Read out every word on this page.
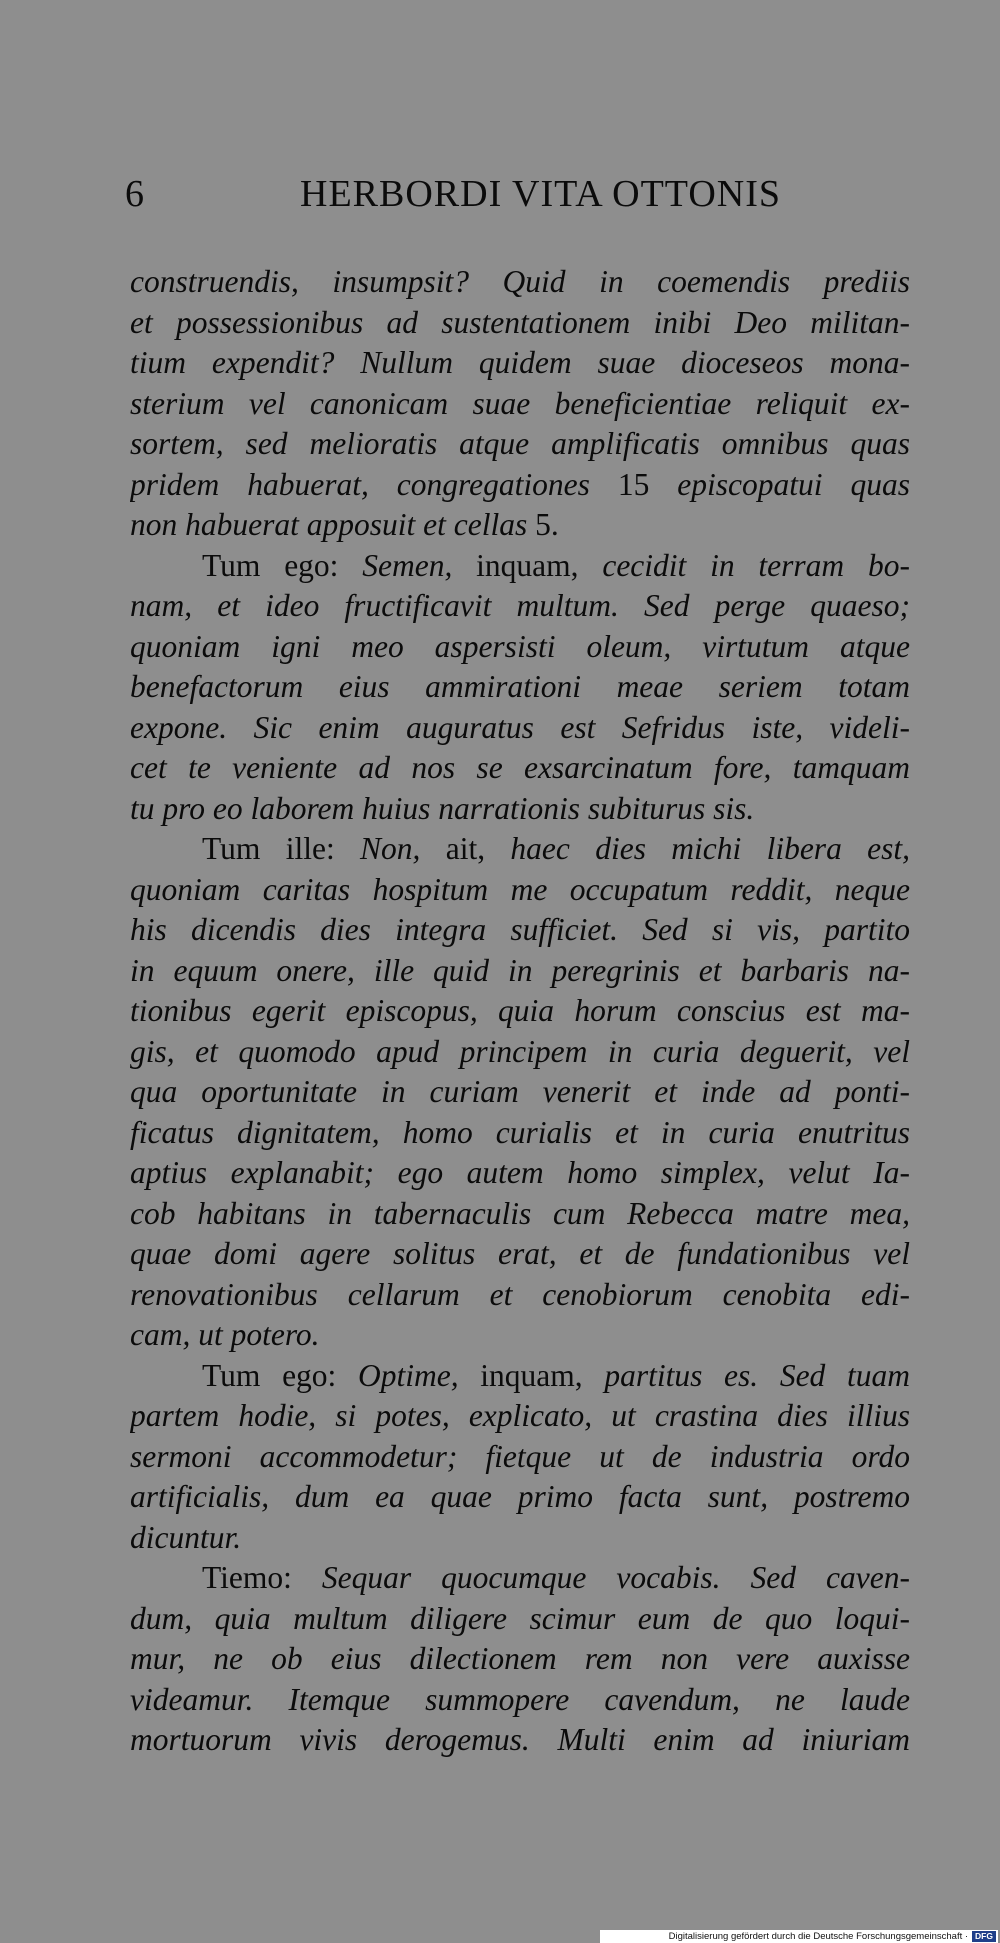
6	HERBORDI VITA OTTONIS
construendis, insumpsit? Quid in coemendis prediis
et possessionibus ad sustentationem inibi Deo militan-
tium expendit? Nullum quidem suae dioceseos mona-
sterium vel canonicam suae beneficientiae reliquit ex-
sortem, sed melioratis atque amplificatis omnibus quas
pridem habuerat, congregationes 15 episcopatui quas
non habuerat apposuit et cellas 5.
Tum ego: Semen, inquam, cecidit in terram bo-
nam, et ideo fructificavit multum. Sed perge quaeso;
quoniam igni meo aspersisti oleum, virtutum atque
benefactorum eius ammirationi meae seriem totam
expone. Sic enim auguratus est Sefridus iste, videli-
cet te veniente ad nos se exsarcinatum fore, tamquam
tu pro eo laborem huius narrationis subiturus sis.
Tum ille: Non, ait, haec dies michi libera est,
quoniam caritas hospitum me occupatum reddit, neque
his dicendis dies integra sufficiet. Sed si vis, partito
in equum onere, ille quid in peregrinis et barbaris na-
tionibus egerit episcopus, quia horum conscius est ma-
gis, et quomodo apud principem in curia deguerit, vel
qua oportunitate in curiam venerit et inde ad ponti-
ficatus dignitatem, homo curialis et in curia enutritus
aptius explanabit; ego autem homo simplex, velut Ia-
cob habitans in tabernaculis cum Rebecca matre mea,
quae domi agere solitus erat, et de fundationibus vel
renovationibus cellarum et cenobiorum cenobita edi-
cam, ut potero.
Tum ego: Optime, inquam, partitus es. Sed tuam
partem hodie, si potes, explicato, ut crastina dies illius
sermoni accommodetur; fietque ut de industria ordo
artificialis, dum ea quae primo facta sunt, postremo
dicuntur.
Tiemo: Sequar quocumque vocabis. Sed caven-
dum, quia multum diligere scimur eum de quo loqui-
mur, ne ob eius dilectionem rem non vere auxisse
videamur. Itemque summopere cavendum, ne laude
mortuorum vivis derogemus. Multi enim ad iniuriam
Digitalisierung gefördert durch die Deutsche Forschungsgemeinschaft · DFG
